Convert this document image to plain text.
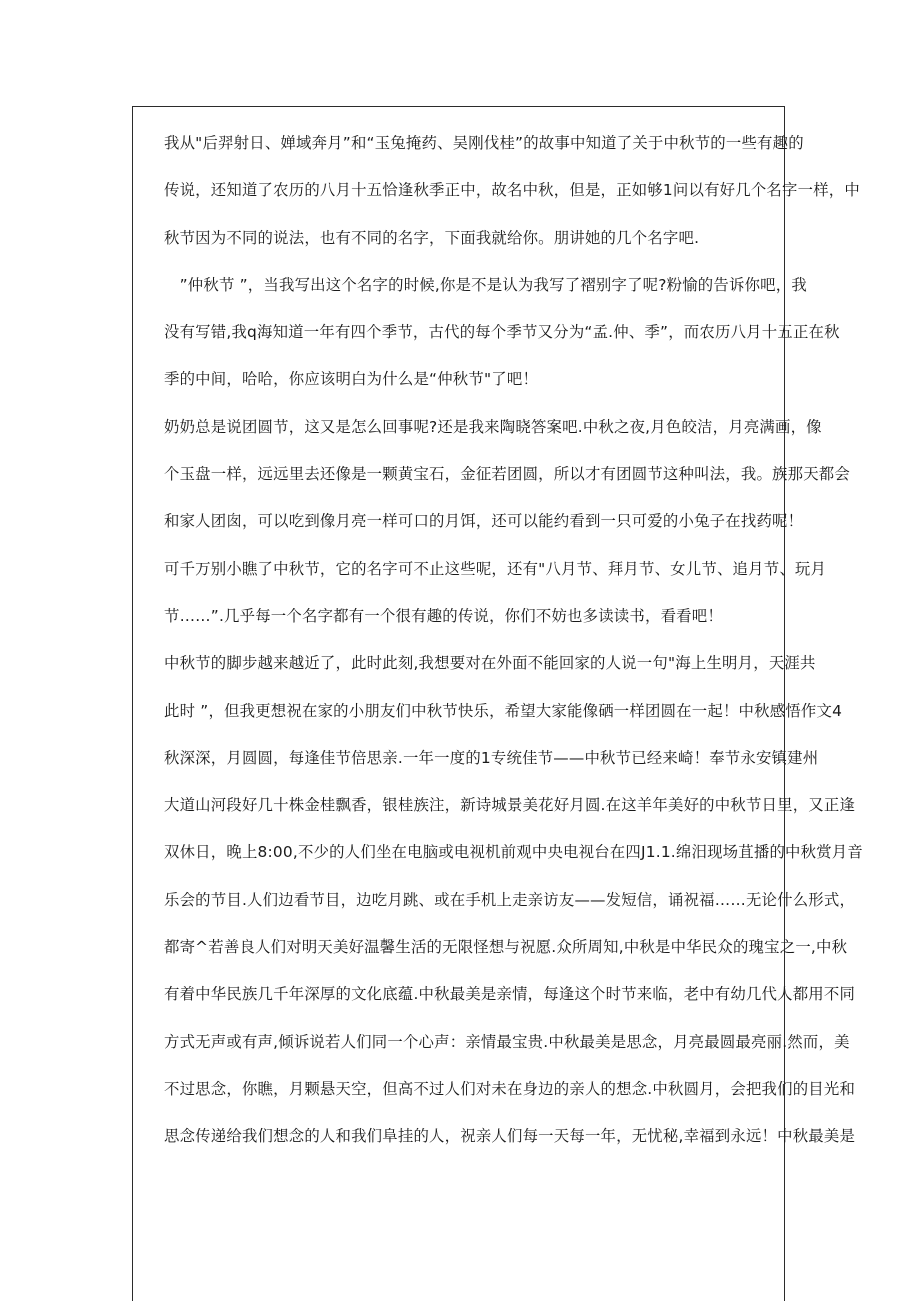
我从"后羿射日、婵域奔月”和“玉兔掩药、吴刚伐桂”的故事中知道了关于中秋节的一些有趣的
传说，还知道了农历的八月十五恰逢秋季正中，故名中秋，但是，正如够1问以有好几个名字一样，中
秋节因为不同的说法，也有不同的名字，下面我就给你。朋讲她的几个名字吧.
　”仲秋节 ”，当我写出这个名字的时候,你是不是认为我写了褶别字了呢?粉愉的告诉你吧，我
没有写错,我q海知道一年有四个季节，古代的每个季节又分为“孟.仲、季”，而农历八月十五正在秋
季的中间，哈哈，你应该明白为什么是“仲秋节"了吧！
奶奶总是说团圆节，这又是怎么回事呢?还是我来陶晓答案吧.中秋之夜,月色皎洁，月亮满画，像
个玉盘一样，远远里去还像是一颗黄宝石，金征若团圆，所以才有团圆节这种叫法，我。族那天都会
和家人团囱，可以吃到像月亮一样可口的月饵，还可以能约看到一只可爱的小兔子在找药呢！
可千万别小瞧了中秋节，它的名字可不止这些呢，还有"八月节、拜月节、女儿节、追月节、玩月
节……”.几乎每一个名字都有一个很有趣的传说，你们不妨也多读读书，看看吧！
中秋节的脚步越来越近了，此时此刻,我想要对在外面不能回家的人说一句"海上生明月，天涯共
此时 ”，但我更想祝在家的小朋友们中秋节快乐，希望大家能像硒一样团圆在一起！中秋感悟作文4
秋深深，月圆圆，每逢佳节倍思亲.一年一度的1专统佳节——中秋节已经来崎！奉节永安镇建州
大道山河段好几十株金桂飘香，银桂族注，新诗城景美花好月圆.在这羊年美好的中秋节日里，又正逢
双休日，晚上8:00,不少的人们坐在电脑或电视机前观中央电视台在四J1.1.绵汨现场苴播的中秋赏月音
乐会的节目.人们边看节目，边吃月跳、或在手机上走亲访友——发短信，诵祝福……无论什么形式，
都寄^若善良人们对明天美好温馨生活的无限怪想与祝愿.众所周知,中秋是中华民众的瑰宝之一,中秋
有着中华民族几千年深厚的文化底蕴.中秋最美是亲情，每逢这个时节来临，老中有幼几代人都用不同
方式无声或有声,倾诉说若人们同一个心声：亲情最宝贵.中秋最美是思念，月亮最圆最亮丽.然而，美
不过思念，你瞧，月颗悬天空，但高不过人们对未在身边的亲人的想念.中秋圆月，会把我们的目光和
思念传递给我们想念的人和我们阜挂的人，祝亲人们每一天每一年，无忧秘,幸福到永远！中秋最美是
